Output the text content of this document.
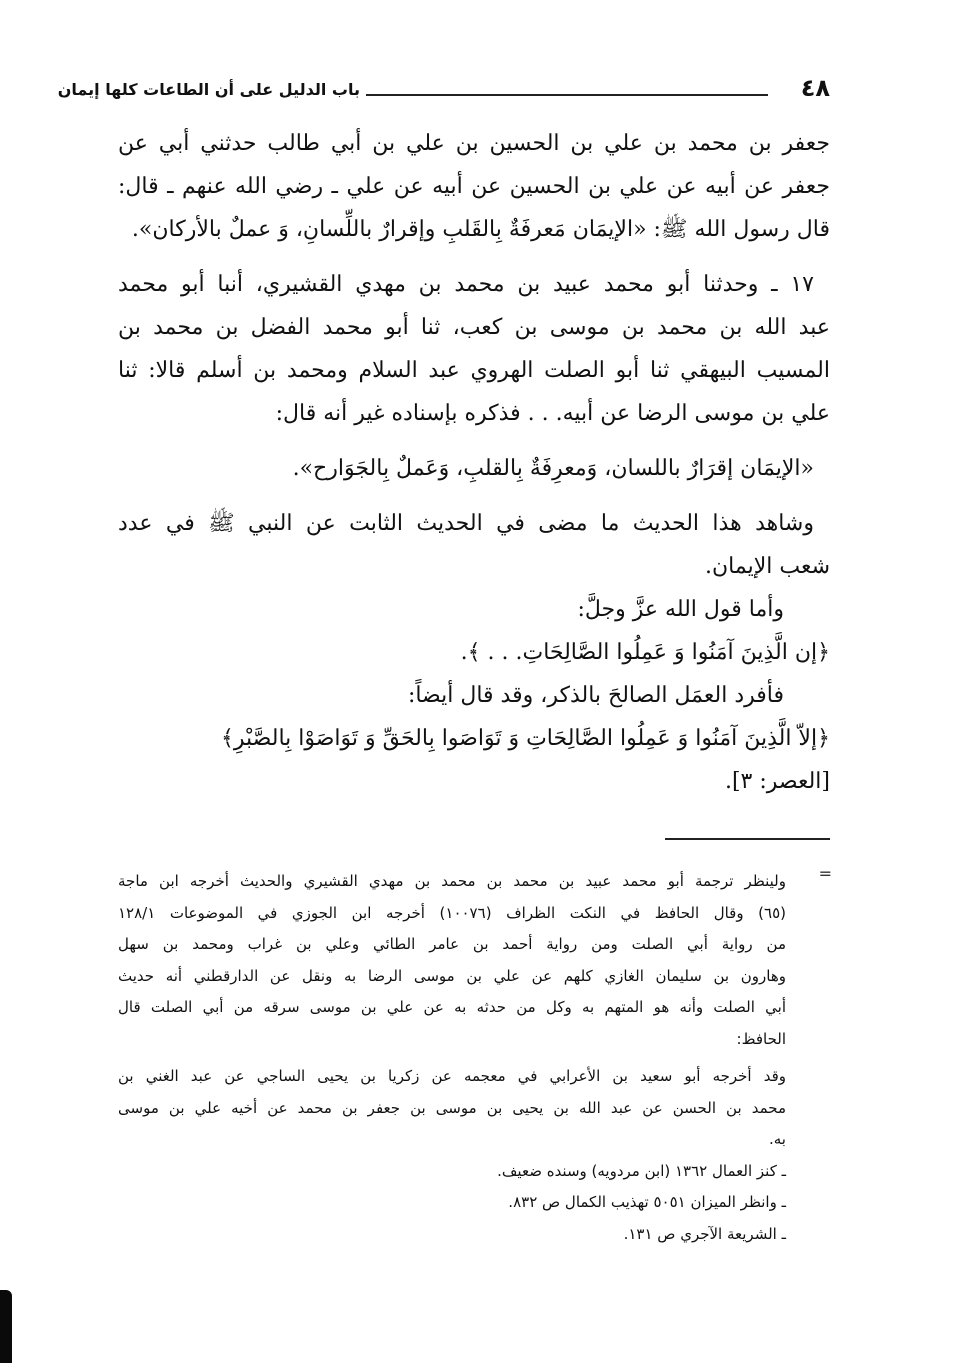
٤٨
باب الدليل على أن الطاعات كلها إيمان
جعفر بن محمد بن علي بن الحسين بن علي بن أبي طالب حدثني أبي عن
جعفر عن أبيه عن علي بن الحسين عن أبيه عن علي ـ رضي الله عنهم ـ قال:
قال رسول الله ﷺ: «الإيمَان مَعرفَةٌ بِالقَلبِ وإقرارٌ باللِّسانِ، وَ عملٌ بالأركان».
١٧ ـ وحدثنا أبو محمد عبيد بن محمد بن مهدي القشيري، أنبا أبو محمد
عبد الله بن محمد بن موسى بن كعب، ثنا أبو محمد الفضل بن محمد بن
المسيب البيهقي ثنا أبو الصلت الهروي عبد السلام ومحمد بن أسلم قالا: ثنا
علي بن موسى الرضا عن أبيه. . . فذكره بإسناده غير أنه قال:
«الإيمَان إقرَارٌ باللسان، وَمعرِفَةٌ بِالقلبِ، وَعَملٌ بِالجَوَارح».
وشاهد هذا الحديث ما مضى في الحديث الثابت عن النبي ﷺ في عدد
شعب الإيمان.
وأما قول الله عزَّ وجلَّ:
﴿إن الَّذِينَ آمَنُوا وَ عَمِلُوا الصَّالِحَاتِ. . . ﴾.
فأفرد العمَل الصالحَ بالذكر، وقد قال أيضاً:
﴿إلاّ الَّذِينَ آمَنُوا وَ عَمِلُوا الصَّالِحَاتِ وَ تَوَاصَوا بِالحَقِّ وَ تَوَاصَوْا بِالصَّبْرِ﴾
[العصر: ٣].
=
ولينظر ترجمة أبو محمد عبيد بن محمد بن محمد بن مهدي القشيري والحديث أخرجه ابن ماجة
(٦٥) وقال الحافظ في النكت الظراف (١٠٠٧٦) أخرجه ابن الجوزي في الموضوعات ١٢٨/١
من رواية أبي الصلت ومن رواية أحمد بن عامر الطائي وعلي بن غراب ومحمد بن سهل
وهارون بن سليمان الغازي كلهم عن علي بن موسى الرضا به ونقل عن الدارقطني أنه حديث
أبي الصلت وأنه هو المتهم به وكل من حدثه به عن علي بن موسى سرقه من أبي الصلت قال
الحافظ:
وقد أخرجه أبو سعيد بن الأعرابي في معجمه عن زكريا بن يحيى الساجي عن عبد الغني بن
محمد بن الحسن عن عبد الله بن يحيى بن موسى بن جعفر بن محمد عن أخيه علي بن موسى
به.
ـ كنز العمال ١٣٦٢ (ابن مردويه) وسنده ضعيف.
ـ وانظر الميزان ٥٠٥١ تهذيب الكمال ص ٨٣٢.
ـ الشريعة الآجري ص ١٣١.
